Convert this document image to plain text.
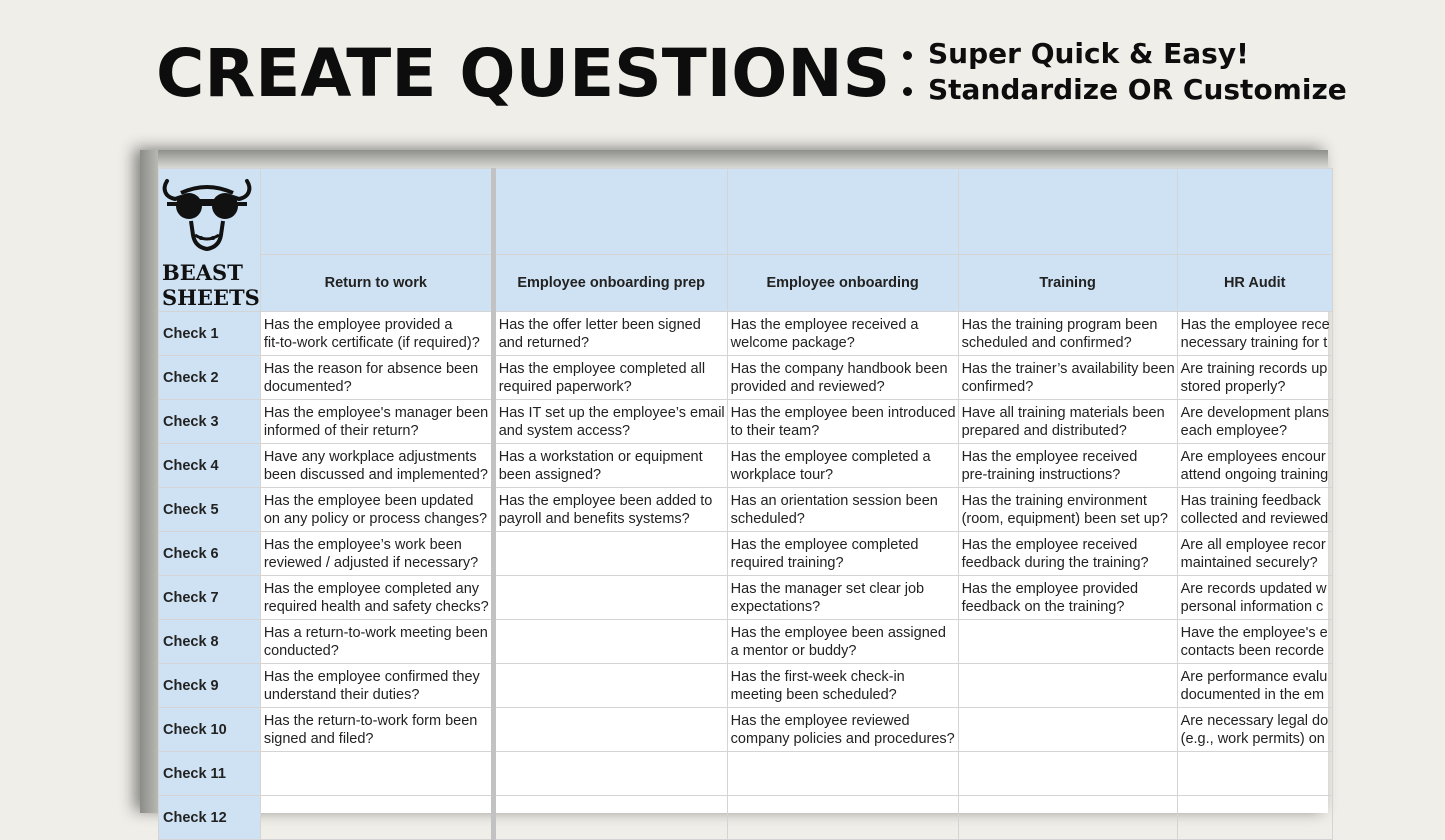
CREATE QUESTIONS	Super Quick & Easy!
Standardize OR Customize
BEAST
SHEETS					

	Return to work	Employee onboarding prep	Employee onboarding	Training	HR Audit
Check 1	Has the employee provided a
fit-to-work certificate (if required)?	Has the offer letter been signed
and returned?	Has the employee received a
welcome package?	Has the training program been
scheduled and confirmed?	Has the employee rece
necessary training for t

Check 2	Has the reason for absence been
documented?	Has the employee completed all
required paperwork?	Has the company handbook been
provided and reviewed?	Has the trainer’s availability been
confirmed?	Are training records up
stored properly?

Check 3	Has the employee's manager been
informed of their return?	Has IT set up the employee’s email
and system access?	Has the employee been introduced
to their team?	Have all training materials been
prepared and distributed?	Are development plans
each employee?

Check 4	Have any workplace adjustments
been discussed and implemented?	Has a workstation or equipment
been assigned?	Has the employee completed a
workplace tour?	Has the employee received
pre-training instructions?	Are employees encour
attend ongoing training

Check 5	Has the employee been updated
on any policy or process changes?	Has the employee been added to
payroll and benefits systems?	Has an orientation session been
scheduled?	Has the training environment
(room, equipment) been set up?	Has training feedback
collected and reviewed

Check 6	Has the employee’s work been
reviewed / adjusted if necessary?		Has the employee completed
required training?	Has the employee received
feedback during the training?	Are all employee recor
maintained securely?

Check 7	Has the employee completed any
required health and safety checks?		Has the manager set clear job
expectations?	Has the employee provided
feedback on the training?	Are records updated w
personal information c

Check 8	Has a return-to-work meeting been
conducted?		Has the employee been assigned
a mentor or buddy?		Have the employee's e
contacts been recorde

Check 9	Has the employee confirmed they
understand their duties?		Has the first-week check-in
meeting been scheduled?		Are performance evalu
documented in the em

Check 10	Has the return-to-work form been
signed and filed?		Has the employee reviewed
company policies and procedures?		Are necessary legal do
(e.g., work permits) on

Check 11					
Check 12					
